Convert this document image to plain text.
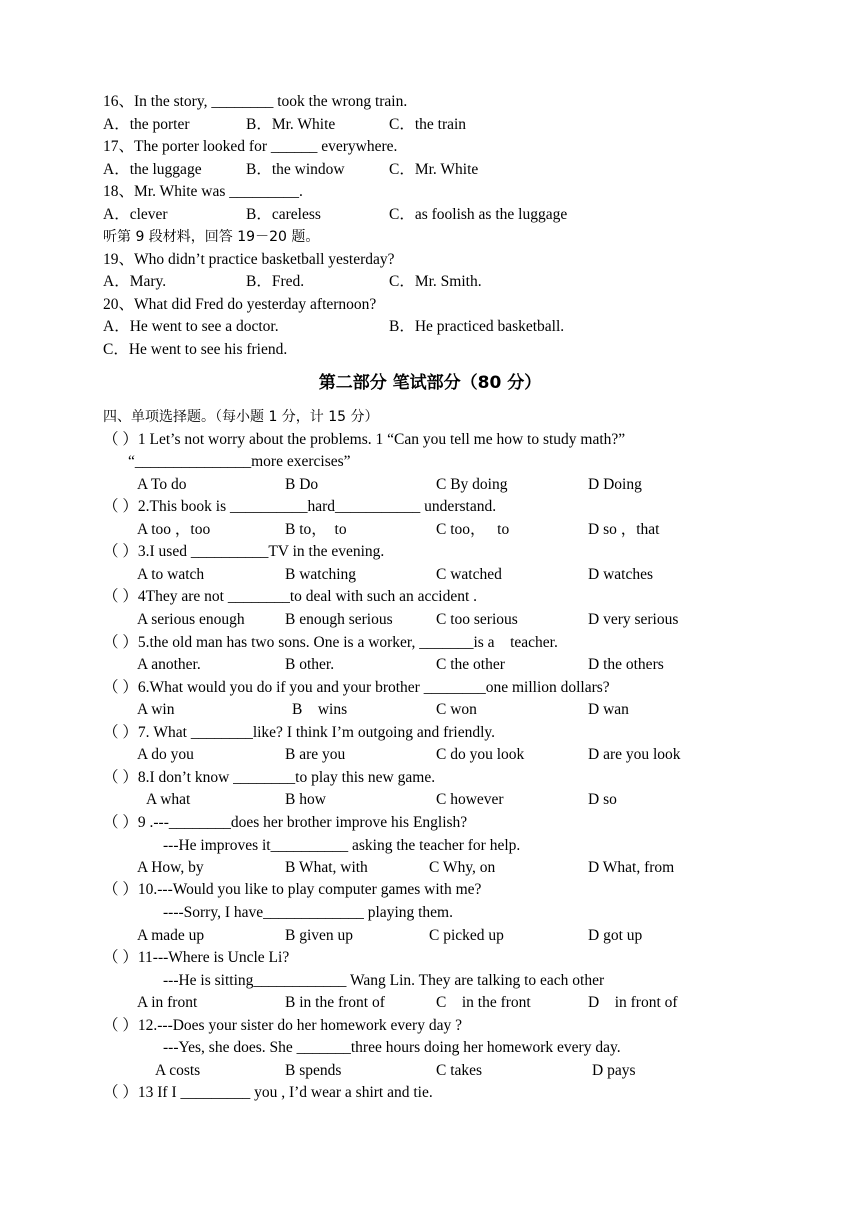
16、In the story, ________ took the wrong train.
A．the porter	B．Mr. White	C．the train
17、The porter looked for ______ everywhere.
A．the luggage	B．the window	C．Mr. White
18、Mr. White was _________.
A．clever	B．careless	C．as foolish as the luggage
听第 9 段材料，回答 19－20 题。
19、Who didn’t practice basketball yesterday?
A．Mary.	B．Fred.	C．Mr. Smith.
20、What did Fred do yesterday afternoon?
A．He went to see a doctor.	B．He practiced basketball.
C．He went to see his friend.
第二部分 笔试部分（80 分）
四、单项选择题。（每小题 1 分，计 15 分）
（ ）1 Let’s not worry about the problems. 1 “Can you tell me how to study math?”
“_______________more exercises”
A To do	B Do	C By doing	D Doing
（ ）2.This book is __________hard___________ understand.
A too ，too	B to，  to	C too，   to	D so ，that
（ ）3.I used __________TV in the evening.
A to watch	B watching	C watched	D watches
（ ）4They are not ________to deal with such an accident .
A serious enough	B enough serious	C too serious	D very serious
（ ）5.the old man has two sons. One is a worker, _______is a    teacher.
A another.	B other.	C the other	D the others
（ ）6.What would you do if you and your brother ________one million dollars?
A win	B    wins	C won	D wan
（ ）7. What ________like? I think I’m outgoing and friendly.
A do you	B are you	C do you look	D are you look
（ ）8.I don’t know ________to play this new game.
A what	B how	C however	D so
（ ）9 .---________does her brother improve his English?
---He improves it__________ asking the teacher for help.
A How, by	B What, with	C Why, on	D What, from
（ ）10.---Would you like to play computer games with me?
----Sorry, I have_____________ playing them.
A made up	B given up	C picked up	D got up
（ ）11---Where is Uncle Li?
---He is sitting____________ Wang Lin. They are talking to each other
A in front	B in the front of	C    in the front	D    in front of
（ ）12.---Does your sister do her homework every day ?
---Yes, she does. She _______three hours doing her homework every day.
A costs	B spends	C takes	D pays
（ ）13 If I _________ you , I’d wear a shirt and tie.
